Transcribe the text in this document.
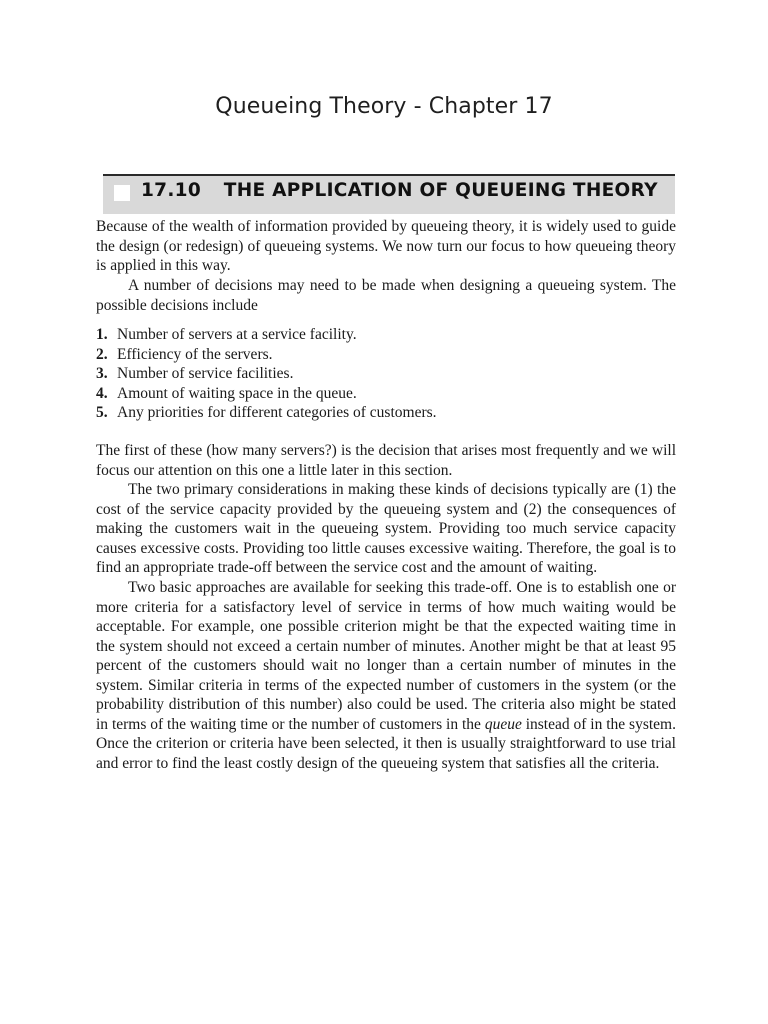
Queueing Theory - Chapter 17
17.10 THE APPLICATION OF QUEUEING THEORY

Because of the wealth of information provided by queueing theory, it is widely used to guide the design (or redesign) of queueing systems. We now turn our focus to how queueing theory is applied in this way.

A number of decisions may need to be made when designing a queueing system. The possible decisions include

1. Number of servers at a service facility.
2. Efficiency of the servers.
3. Number of service facilities.
4. Amount of waiting space in the queue.
5. Any priorities for different categories of customers.

The first of these (how many servers?) is the decision that arises most frequently and we will focus our attention on this one a little later in this section.

The two primary considerations in making these kinds of decisions typically are (1) the cost of the service capacity provided by the queueing system and (2) the consequences of making the customers wait in the queueing system. Providing too much service capacity causes excessive costs. Providing too little causes excessive waiting. Therefore, the goal is to find an appropriate trade-off between the service cost and the amount of waiting.

Two basic approaches are available for seeking this trade-off. One is to establish one or more criteria for a satisfactory level of service in terms of how much waiting would be acceptable. For example, one possible criterion might be that the expected waiting time in the system should not exceed a certain number of minutes. Another might be that at least 95 percent of the customers should wait no longer than a certain number of minutes in the system. Similar criteria in terms of the expected number of customers in the system (or the probability distribution of this number) also could be used. The criteria also might be stated in terms of the waiting time or the number of customers in the queue instead of in the system. Once the criterion or criteria have been selected, it then is usually straightforward to use trial and error to find the least costly design of the queueing system that satisfies all the criteria.
